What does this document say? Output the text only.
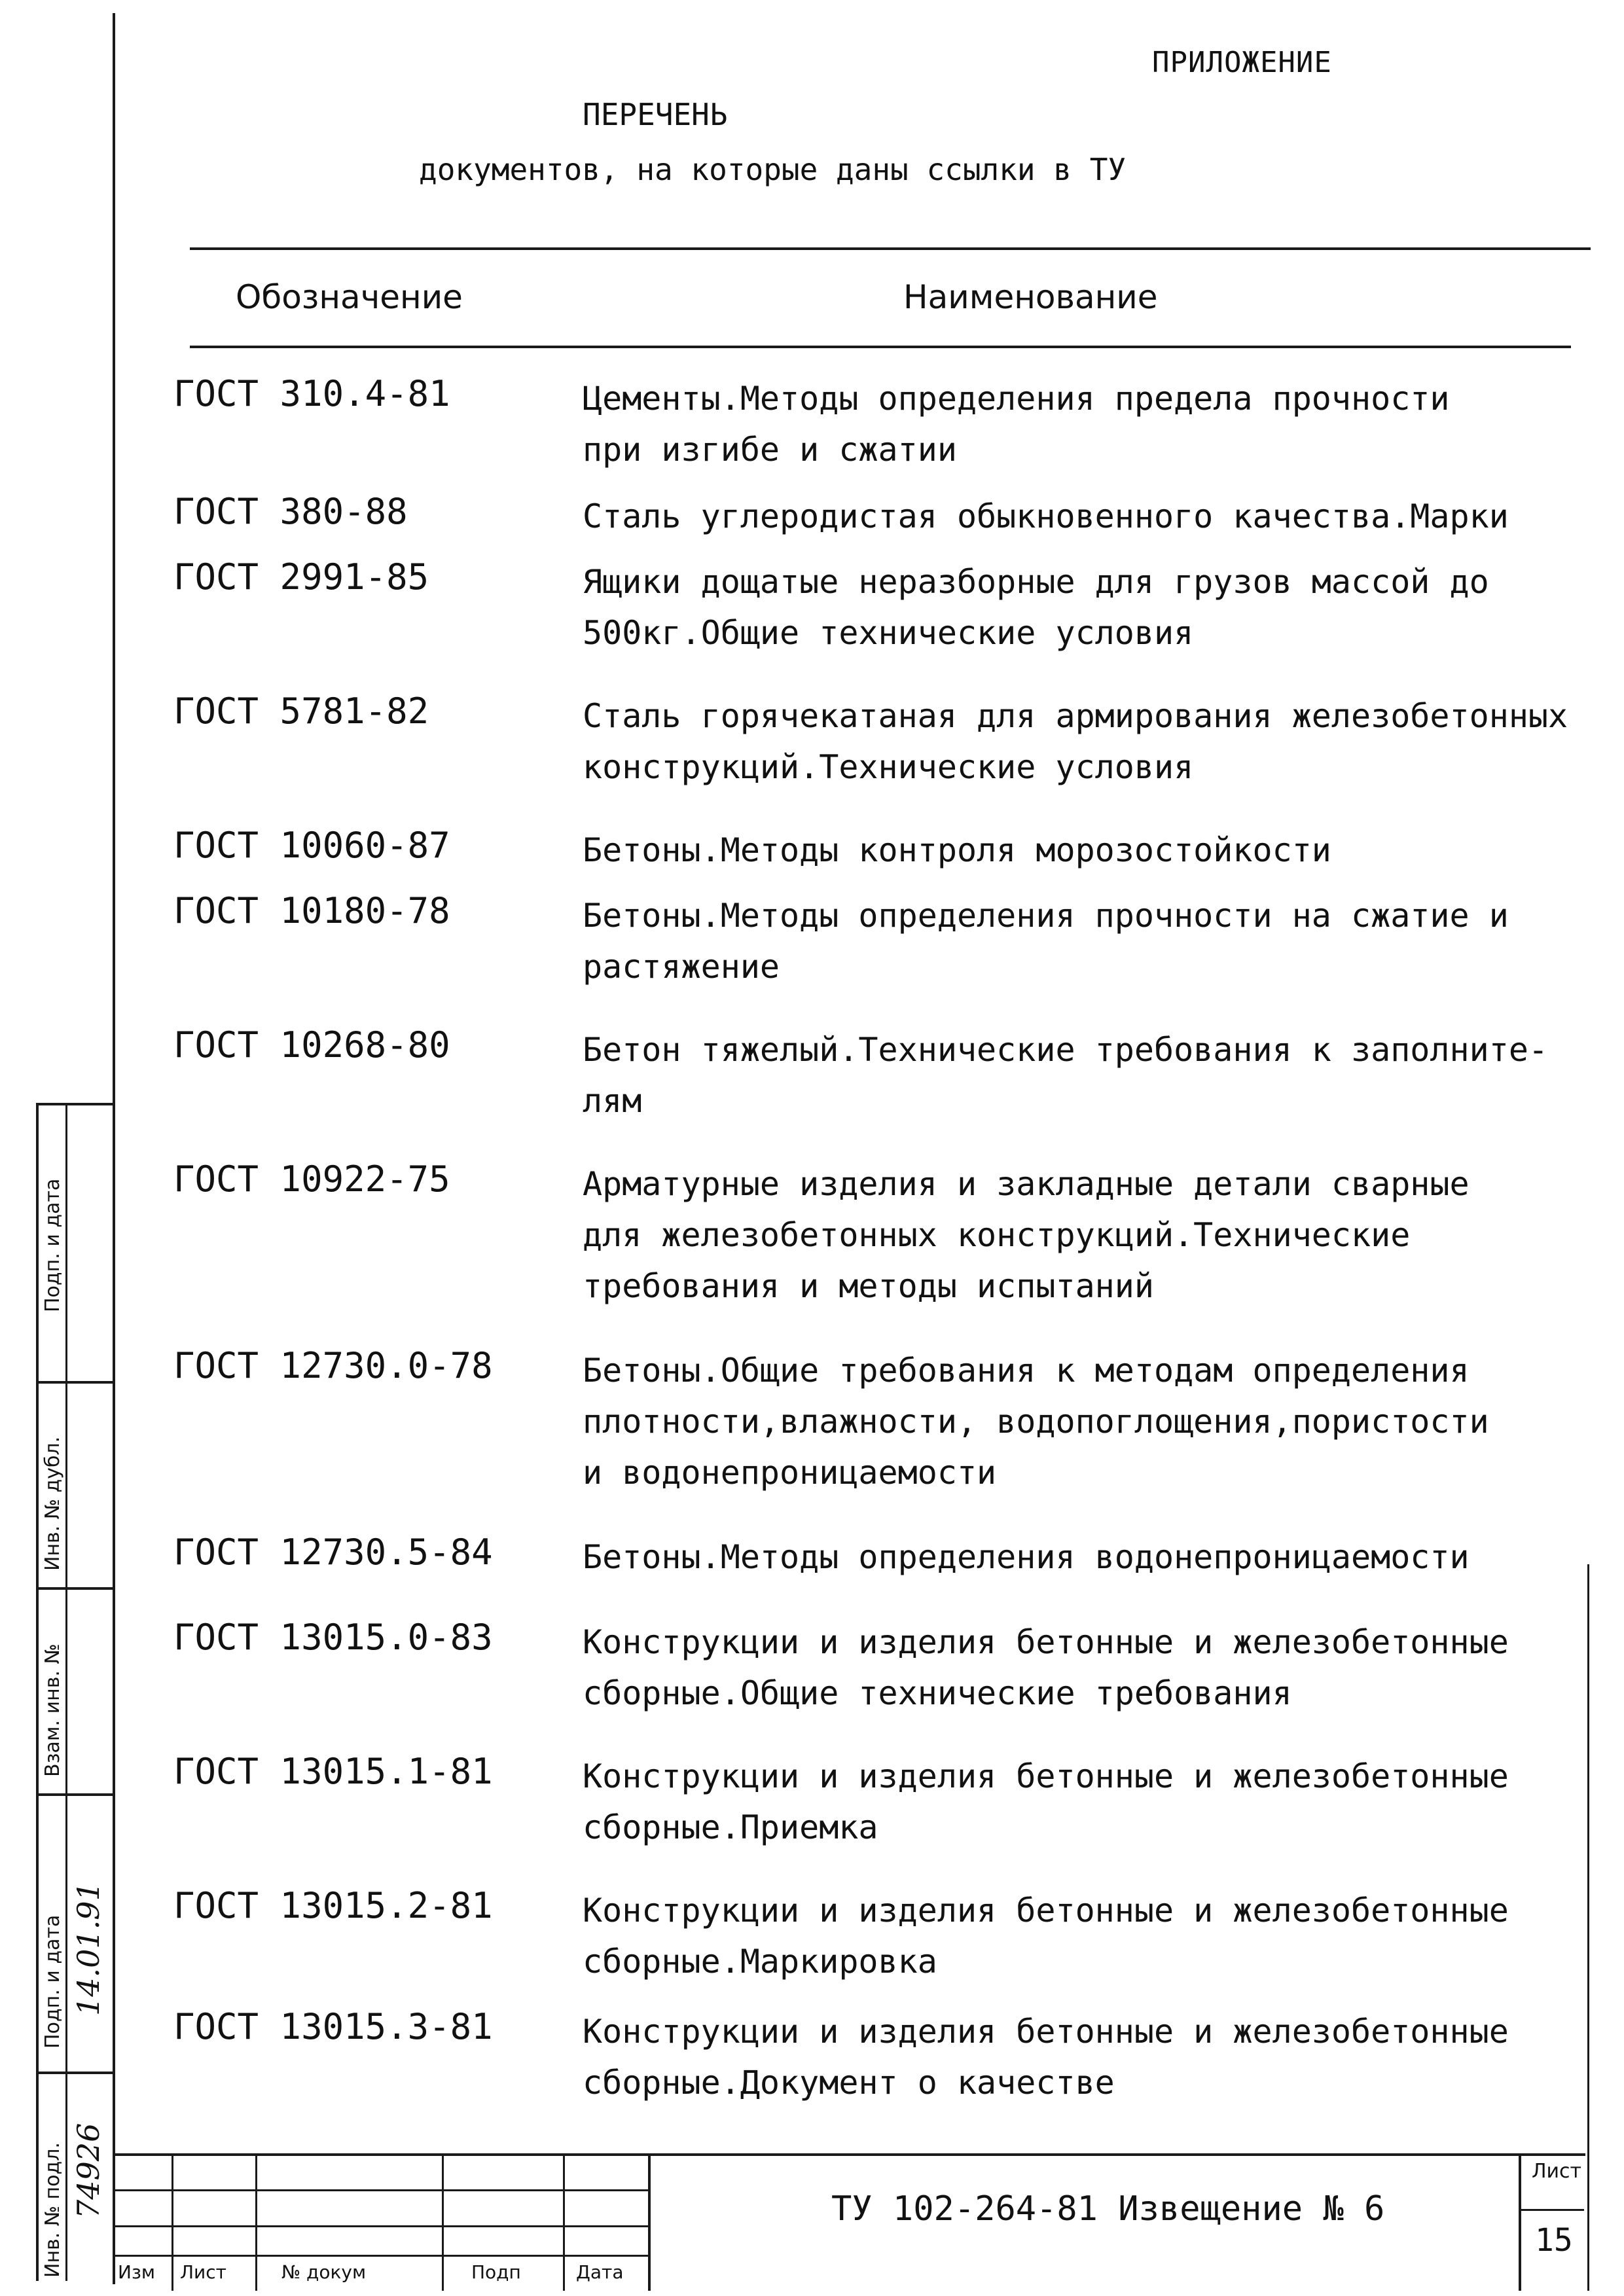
ПРИЛОЖЕНИЕ
ПЕРЕЧЕНЬ
документов, на которые даны ссылки в ТУ
Обозначение	Наименование
ГОСТ 310.4-81	Цементы.Методы определения предела прочности
при изгибе и сжатии
ГОСТ 380-88	Сталь углеродистая обыкновенного качества.Марки
ГОСТ 2991-85	Ящики дощатые неразборные для грузов массой до
500кг.Общие технические условия
ГОСТ 5781-82	Сталь горячекатаная для армирования железобетонных
конструкций.Технические условия
ГОСТ 10060-87	Бетоны.Методы контроля морозостойкости
ГОСТ 10180-78	Бетоны.Методы определения прочности на сжатие и
растяжение
ГОСТ 10268-80	Бетон тяжелый.Технические требования к заполните-
лям
ГОСТ 10922-75	Арматурные изделия и закладные детали сварные
для железобетонных конструкций.Технические
требования и методы испытаний
ГОСТ 12730.0-78	Бетоны.Общие требования к методам определения
плотности,влажности, водопоглощения,пористости
и водонепроницаемости
ГОСТ 12730.5-84	Бетоны.Методы определения водонепроницаемости
ГОСТ 13015.0-83	Конструкции и изделия бетонные и железобетонные
сборные.Общие технические требования
ГОСТ 13015.1-81	Конструкции и изделия бетонные и железобетонные
сборные.Приемка
ГОСТ 13015.2-81	Конструкции и изделия бетонные и железобетонные
сборные.Маркировка
ГОСТ 13015.3-81	Конструкции и изделия бетонные и железобетонные
сборные.Документ о качестве
Подп. и дата
Инв. № дубл.
Взам. инв. №
Подп. и дата
Инв. № подл.
14.01.91
74926
Изм Лист	№ докум	Подп	Дата
ТУ 102-264-81 Извещение № 6
Лист
15
